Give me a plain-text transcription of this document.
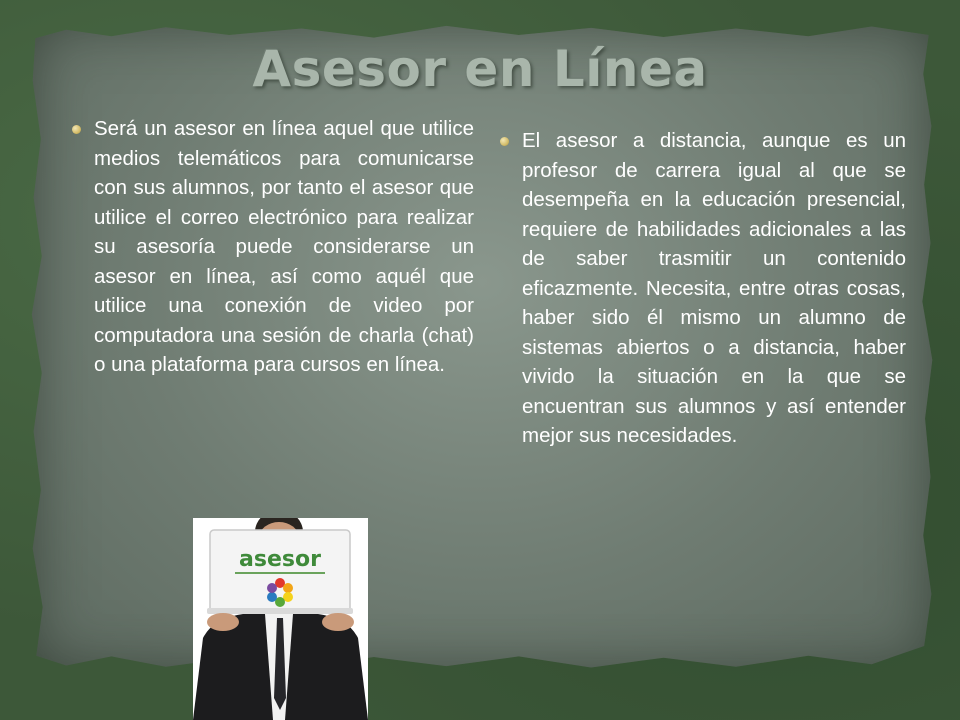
Asesor en Línea
Será un asesor en línea aquel que utilice medios telemáticos para comunicarse con sus alumnos, por tanto el asesor que utilice el correo electrónico para realizar su asesoría puede considerarse un asesor en línea, así como aquél que utilice una conexión de video por computadora una sesión de charla (chat) o una plataforma para cursos en línea.
El asesor a distancia, aunque es un profesor de carrera igual al que se desempeña en la educación presencial, requiere de habilidades adicionales a las de saber trasmitir un contenido eficazmente. Necesita, entre otras cosas, haber sido él mismo un alumno de sistemas abiertos o a distancia, haber vivido la situación en la que se encuentran sus alumnos y así entender mejor sus necesidades.
asesor
